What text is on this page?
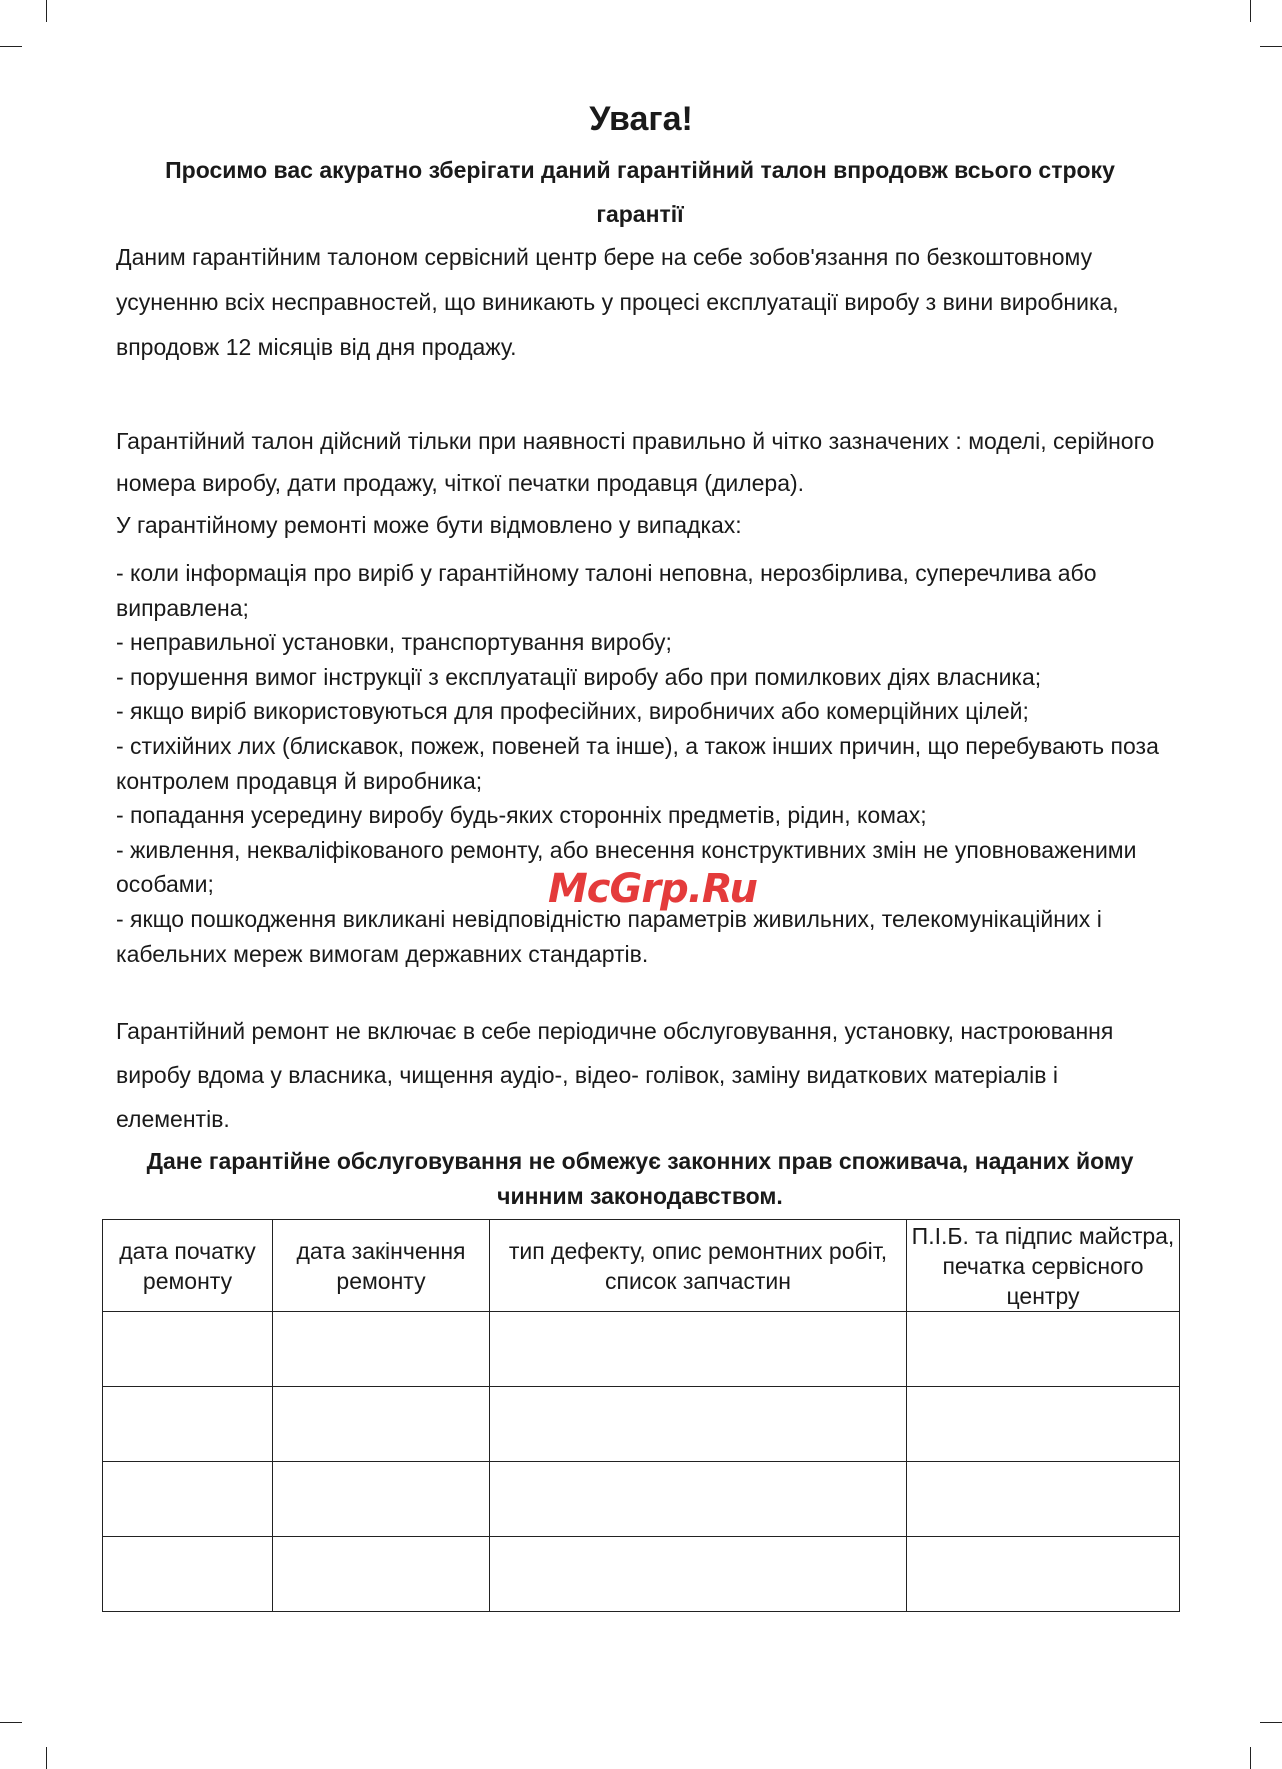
Увага!

Просимо вас акуратно зберігати даний гарантійний талон впродовж всього строку гарантії

Даним гарантійним талоном сервісний центр бере на себе зобов'язання по безкоштовному усуненню всіх несправностей, що виникають у процесі експлуатації виробу з вини виробника, впродовж 12 місяців від дня продажу.

Гарантійний талон дійсний тільки при наявності правильно й чітко зазначених : моделі, серійного номера виробу, дати продажу, чіткої печатки продавця (дилера).
У гарантійному ремонті може бути відмовлено у випадках:
- коли інформація про виріб у гарантійному талоні неповна, нерозбірлива, суперечлива або виправлена;
- неправильної установки, транспортування виробу;
- порушення вимог інструкції з експлуатації виробу або при помилкових діях власника;
- якщо виріб використовуються для професійних, виробничих або комерційних цілей;
- стихійних лих (блискавок, пожеж, повеней та інше), а також інших причин, що перебувають поза контролем продавця й виробника;
- попадання усередину виробу будь-яких сторонніх предметів, рідин, комах;
- живлення, некваліфікованого ремонту, або внесення конструктивних змін не уповноваженими особами;
- якщо пошкодження викликані невідповідністю параметрів живильних, телекомунікаційних і кабельних мереж вимогам державних стандартів.

Гарантійний ремонт не включає в себе періодичне обслуговування, установку, настроювання виробу вдома у власника, чищення аудіо-, відео- голівок, заміну видаткових матеріалів і елементів.

Дане гарантійне обслуговування не обмежує законних прав споживача, наданих йому чинним законодавством.

McGrp.Ru
дата початку ремонту	дата закінчення ремонту	тип дефекту, опис ремонтних робіт, список запчастин	П.І.Б. та підпис майстра, печатка сервісного центру
